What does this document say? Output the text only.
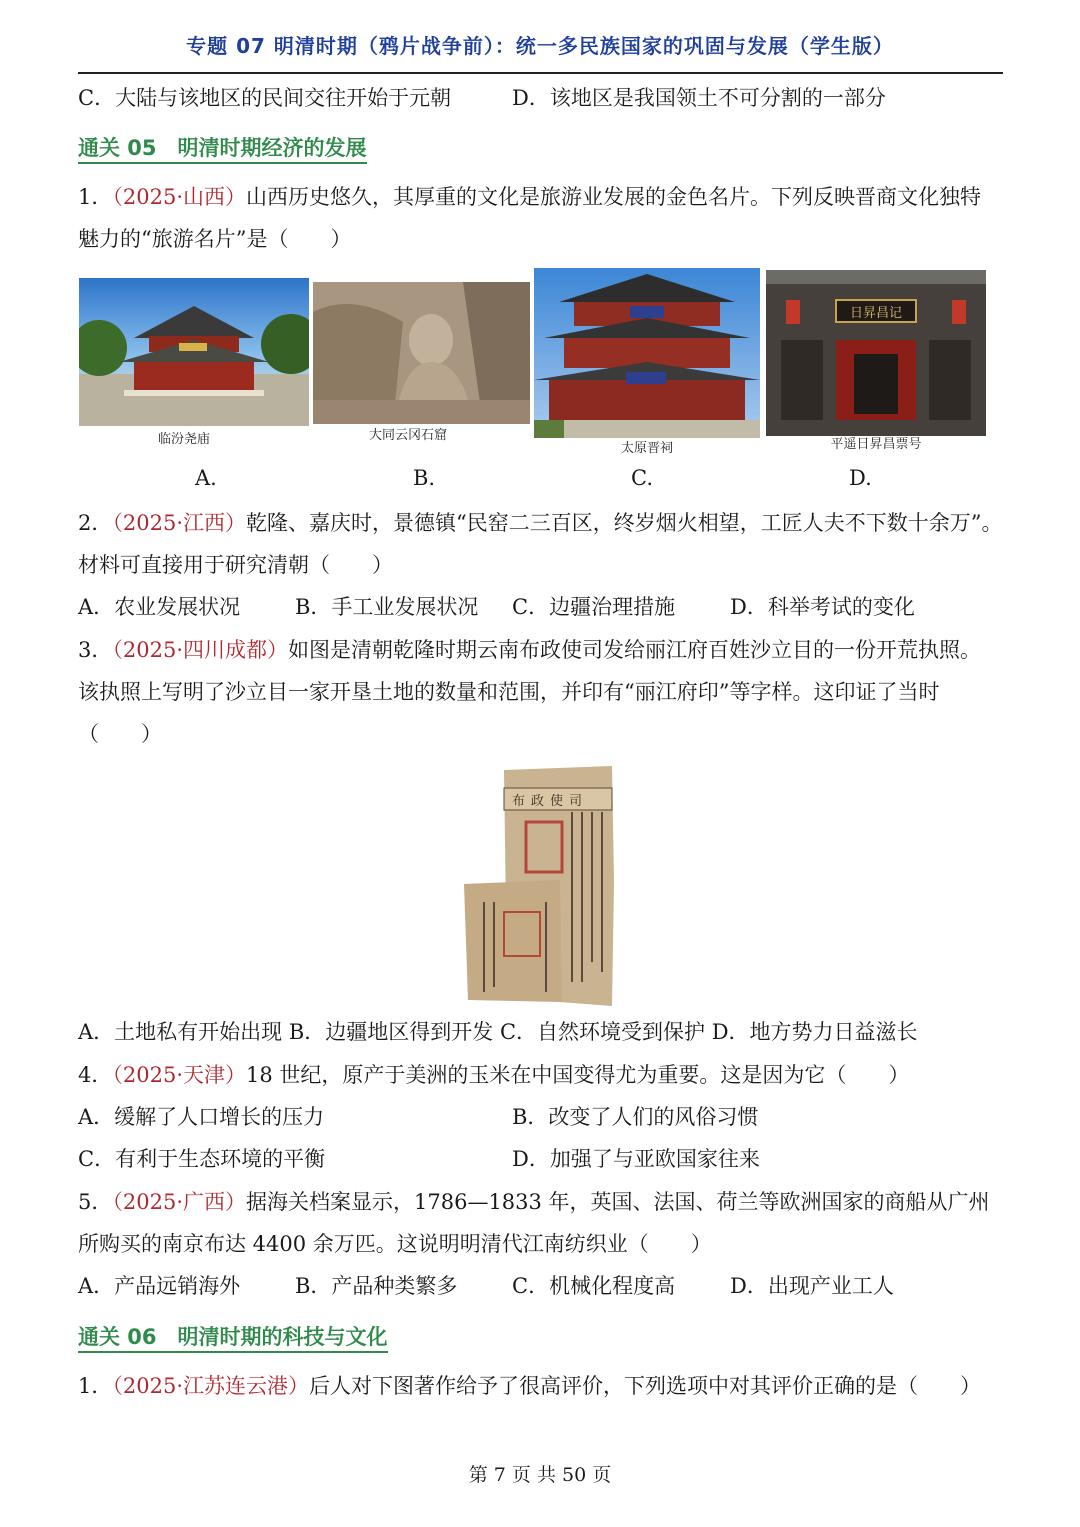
专题 07 明清时期（鸦片战争前）：统一多民族国家的巩固与发展（学生版）
C．大陆与该地区的民间交往开始于元朝	D．该地区是我国领土不可分割的一部分
通关 05　明清时期经济的发展
1．（2025·山西）山西历史悠久，其厚重的文化是旅游业发展的金色名片。下列反映晋商文化独特
魅力的“旅游名片”是（　　）
临汾尧庙	大同云冈石窟
太原晋祠
日昇昌记
平遥日昇昌票号
A.	B.	C.	D.
2．（2025·江西）乾隆、嘉庆时，景德镇“民窑二三百区，终岁烟火相望，工匠人夫不下数十余万”。
材料可直接用于研究清朝（　　）
A．农业发展状况	B．手工业发展状况 C．边疆治理措施	D．科举考试的变化
3．（2025·四川成都）如图是清朝乾隆时期云南布政使司发给丽江府百姓沙立目的一份开荒执照。
该执照上写明了沙立目一家开垦土地的数量和范围，并印有“丽江府印”等字样。这印证了当时
（　　）
布政使司
A．土地私有开始出现 B．边疆地区得到开发 C．自然环境受到保护 D．地方势力日益滋长
4．（2025·天津）18 世纪，原产于美洲的玉米在中国变得尤为重要。这是因为它（　　）
A．缓解了人口增长的压力	B．改变了人们的风俗习惯
C．有利于生态环境的平衡	D．加强了与亚欧国家往来
5．（2025·广西）据海关档案显示，1786—1833 年，英国、法国、荷兰等欧洲国家的商船从广州
所购买的南京布达 4400 余万匹。这说明明清代江南纺织业（　　）
A．产品远销海外	B．产品种类繁多	C．机械化程度高	D．出现产业工人
通关 06　明清时期的科技与文化
1．（2025·江苏连云港）后人对下图著作给予了很高评价，下列选项中对其评价正确的是（　　）
第 7 页 共 50 页
